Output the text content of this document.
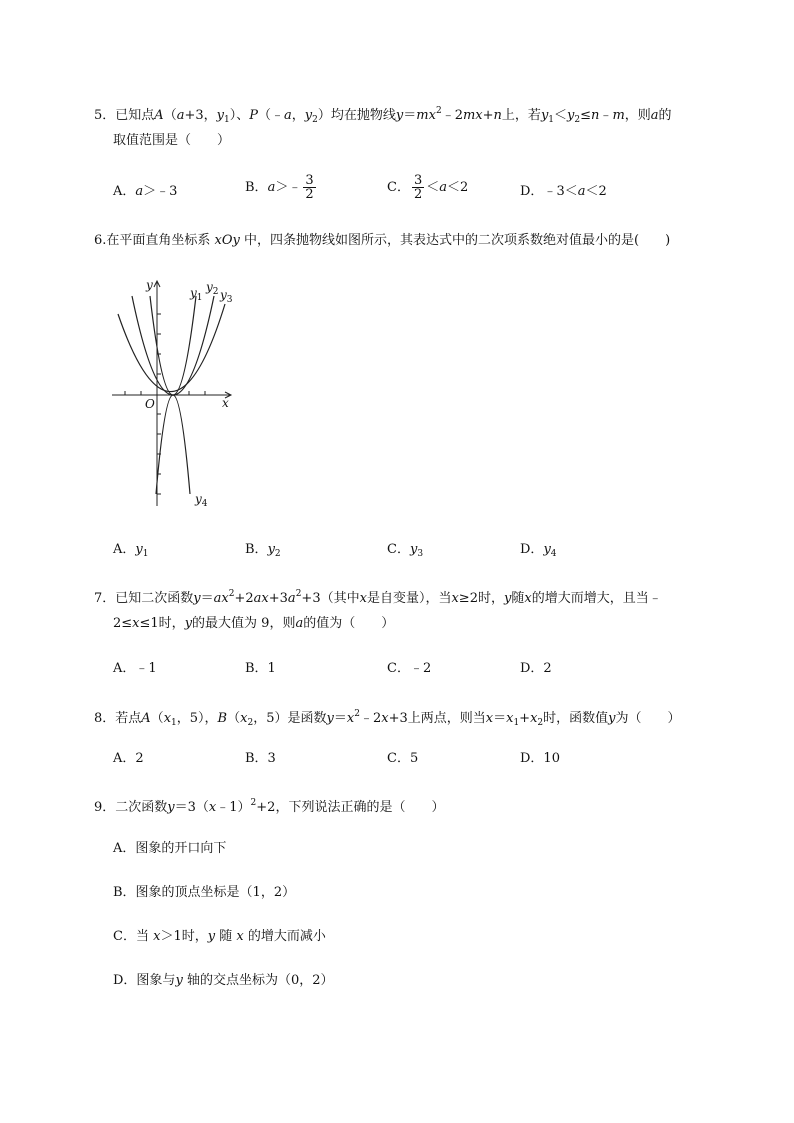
5．已知点A（a+3，$y_1$）、P（﹣a，$y_2$）均在抛物线$y=mx^2﹣2mx+n$上，若$y_1<y_2\le n﹣m$，则a的
取值范围是（　　）
A．a＞﹣3	B．a＞﹣ $\frac{3}{2}$	C． $\frac{3}{2} <a<2$	D．﹣3＜a＜2
6.在平面直角坐标系 xOy 中，四条抛物线如图所示，其表达式中的二次项系数绝对值最小的是(　　)
y
x
O
$y_1$
$y_2$ $y_3$
$y_4$
A．$y_1$	B．$y_2$	C．$y_3$	D．$y_4$
7．已知二次函数$y=ax^2+2ax+3a^2+3$（其中x是自变量），当x≥2时，y随x的增大而增大，且当﹣
2≤x≤1时，y的最大值为 9，则a的值为（　　）
A．﹣1	B．1	C．﹣2	D．2
8．若点$A(x_1$，5），$B(x_2$，5）是函数$y=x^2﹣2x+3$上两点，则当$x=x_1+x_2$时，函数值y为（　　）
A．2	B．3	C．5	D．10
9．二次函数y＝3（x﹣1）$^2$+2，下列说法正确的是（　　）
A．图象的开口向下
B．图象的顶点坐标是（1，2）
C．当 x＞1时，y 随 x 的增大而减小
D．图象与y 轴的交点坐标为（0，2）
